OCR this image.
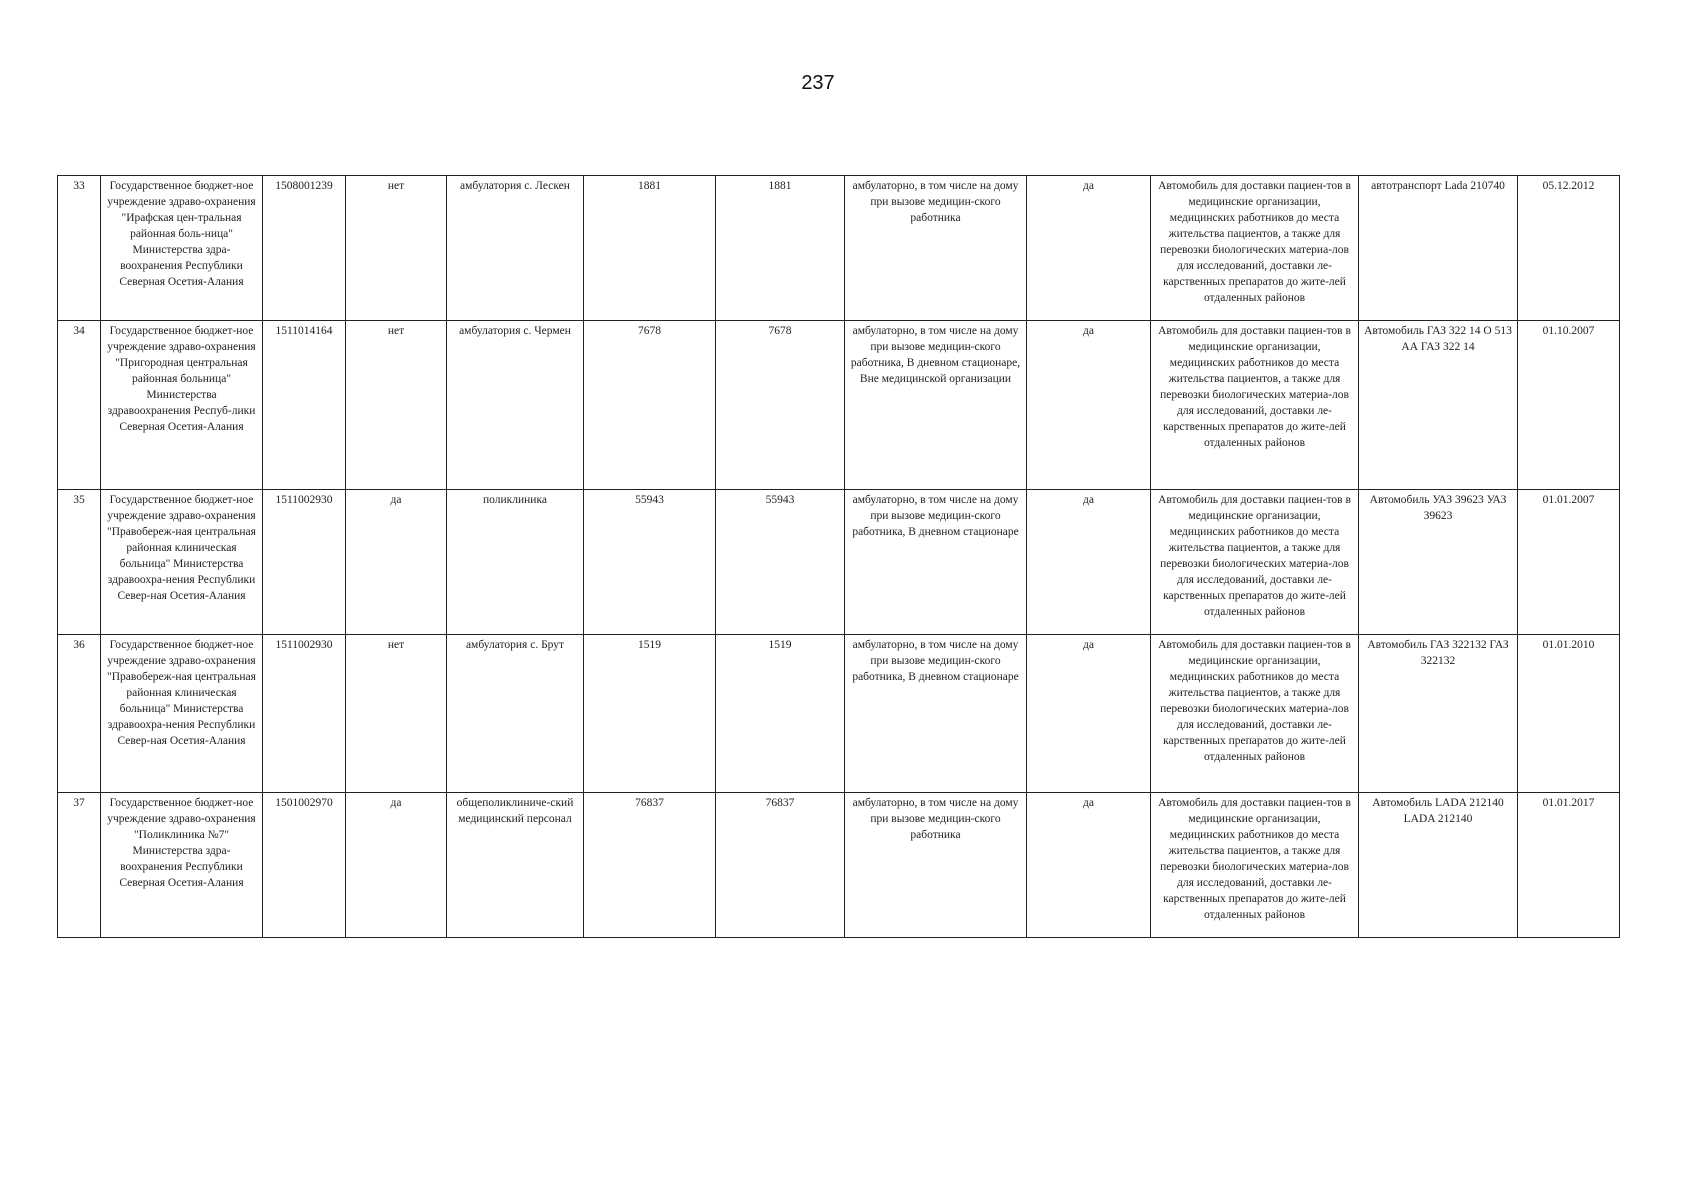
237
33	Государственное бюджет-ное учреждение здраво-охранения "Ирафская цен-тральная районная боль-ница" Министерства здра-воохранения Республики Северная Осетия-Алания	1508001239	нет	амбулатория с. Лескен	1881	1881	амбулаторно, в том числе на дому при вызове медицин-ского работника	да	Автомобиль для доставки пациен-тов в медицинские организации, медицинских работников до места жительства пациентов, а также для перевозки биологических материа-лов для исследований, доставки ле-карственных препаратов до жите-лей отдаленных районов	автотранспорт Lada 210740	05.12.2012
34	Государственное бюджет-ное учреждение здраво-охранения "Пригородная центральная районная больница" Министерства здравоохранения Респуб-лики Северная Осетия-Алания	1511014164	нет	амбулатория с. Чермен	7678	7678	амбулаторно, в том числе на дому при вызове медицин-ского работника, В дневном стационаре, Вне медицинской организации	да	Автомобиль для доставки пациен-тов в медицинские организации, медицинских работников до места жительства пациентов, а также для перевозки биологических материа-лов для исследований, доставки ле-карственных препаратов до жите-лей отдаленных районов	Автомобиль ГАЗ 322 14 О 513 АА ГАЗ 322 14	01.10.2007
35	Государственное бюджет-ное учреждение здраво-охранения "Правобереж-ная центральная районная клиническая больница" Министерства здравоохра-нения Республики Север-ная Осетия-Алания	1511002930	да	поликлиника	55943	55943	амбулаторно, в том числе на дому при вызове медицин-ского работника, В дневном стационаре	да	Автомобиль для доставки пациен-тов в медицинские организации, медицинских работников до места жительства пациентов, а также для перевозки биологических материа-лов для исследований, доставки ле-карственных препаратов до жите-лей отдаленных районов	Автомобиль УАЗ 39623 УАЗ 39623	01.01.2007
36	Государственное бюджет-ное учреждение здраво-охранения "Правобереж-ная центральная районная клиническая больница" Министерства здравоохра-нения Республики Север-ная Осетия-Алания	1511002930	нет	амбулатория с. Брут	1519	1519	амбулаторно, в том числе на дому при вызове медицин-ского работника, В дневном стационаре	да	Автомобиль для доставки пациен-тов в медицинские организации, медицинских работников до места жительства пациентов, а также для перевозки биологических материа-лов для исследований, доставки ле-карственных препаратов до жите-лей отдаленных районов	Автомобиль ГАЗ 322132 ГАЗ 322132	01.01.2010
37	Государственное бюджет-ное учреждение здраво-охранения "Поликлиника №7" Министерства здра-воохранения Республики Северная Осетия-Алания	1501002970	да	общеполиклиниче-ский медицинский персонал	76837	76837	амбулаторно, в том числе на дому при вызове медицин-ского работника	да	Автомобиль для доставки пациен-тов в медицинские организации, медицинских работников до места жительства пациентов, а также для перевозки биологических материа-лов для исследований, доставки ле-карственных препаратов до жите-лей отдаленных районов	Автомобиль LADA 212140 LADA 212140	01.01.2017
